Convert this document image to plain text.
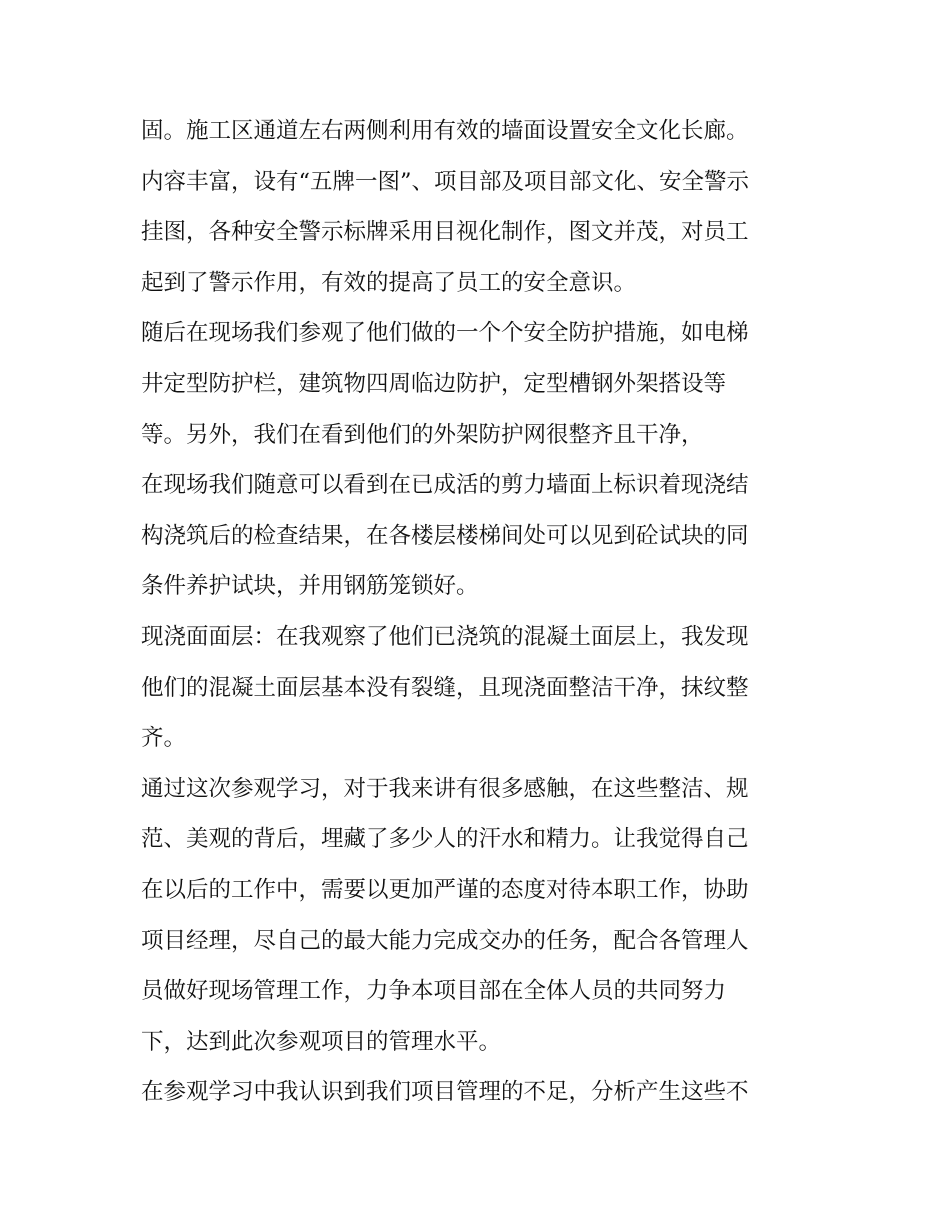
固。施工区通道左右两侧利用有效的墙面设置安全文化长廊。
内容丰富，设有“五牌一图”、项目部及项目部文化、安全警示
挂图，各种安全警示标牌采用目视化制作，图文并茂，对员工
起到了警示作用，有效的提高了员工的安全意识。
随后在现场我们参观了他们做的一个个安全防护措施，如电梯
井定型防护栏，建筑物四周临边防护，定型槽钢外架搭设等
等。另外，我们在看到他们的外架防护网很整齐且干净，
在现场我们随意可以看到在已成活的剪力墙面上标识着现浇结
构浇筑后的检查结果，在各楼层楼梯间处可以见到砼试块的同
条件养护试块，并用钢筋笼锁好。
现浇面面层：在我观察了他们已浇筑的混凝土面层上，我发现
他们的混凝土面层基本没有裂缝，且现浇面整洁干净，抹纹整
齐。
通过这次参观学习，对于我来讲有很多感触，在这些整洁、规
范、美观的背后，埋藏了多少人的汗水和精力。让我觉得自己
在以后的工作中，需要以更加严谨的态度对待本职工作，协助
项目经理，尽自己的最大能力完成交办的任务，配合各管理人
员做好现场管理工作，力争本项目部在全体人员的共同努力
下，达到此次参观项目的管理水平。
在参观学习中我认识到我们项目管理的不足，分析产生这些不
